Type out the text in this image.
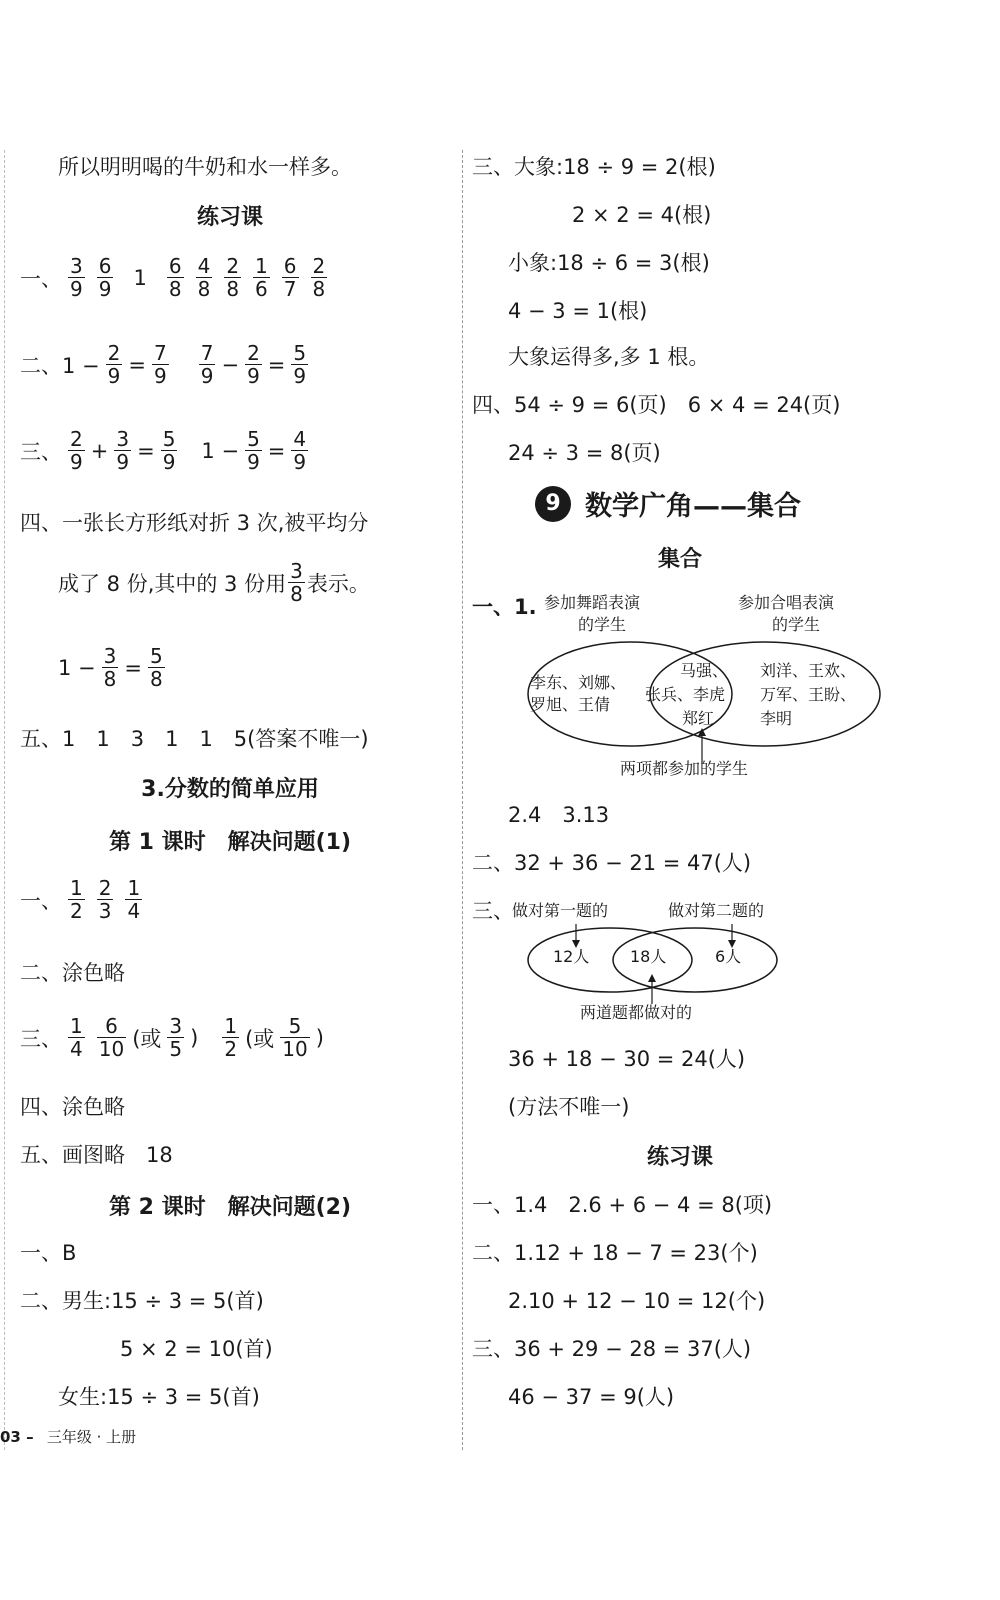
所以明明喝的牛奶和水一样多。
练习课
一、 $\frac{3}{9} \frac{6}{9} 1 \frac{6}{8} \frac{4}{8} \frac{2}{8} \frac{1}{6} \frac{6}{7} \frac{2}{8}$
二、$1 - \frac{2}{9} = \frac{7}{9} \frac{7}{9} - \frac{2}{9} = \frac{5}{9}$
三、 $\frac{2}{9} + \frac{3}{9} = \frac{5}{9} 1 - \frac{5}{9} = \frac{4}{9}$
四、一张长方形纸对折 3 次,被平均分
成了 8 份,其中的 3 份用 $\frac{3}{8}$ 表示。
$1 - \frac{3}{8} = \frac{5}{8}$
五、1　1　3　1　1　5(答案不唯一)
3.分数的简单应用
第 1 课时　解决问题(1)
一、 $\frac{1}{2} \frac{2}{3} \frac{1}{4}$
二、涂色略
三、 $\frac{1}{4} \frac{6}{10}$ (或 $\frac{3}{5}$ ) $\frac{1}{2}$ (或 $\frac{5}{10}$ )
四、涂色略
五、画图略　18
第 2 课时　解决问题(2)
一、B
二、男生:15 ÷ 3 = 5(首)
5 × 2 = 10(首)
女生:15 ÷ 3 = 5(首)
三、大象:18 ÷ 9 = 2(根)
2 × 2 = 4(根)
小象:18 ÷ 6 = 3(根)
4 − 3 = 1(根)
大象运得多,多 1 根。
四、54 ÷ 9 = 6(页)　6 × 4 = 24(页)
24 ÷ 3 = 8(页)
9 数学广角——集合
集合
一、1. 参加舞蹈表演
的学生
参加合唱表演
的学生
李东、刘娜、
罗旭、王倩
马强、
张兵、李虎
郑红
刘洋、王欢、
万军、王盼、
李明
两项都参加的学生
2.4　3.13
二、32 + 36 − 21 = 47(人)
三、
做对第一题的	做对第二题的
12人	18人	6人
两道题都做对的
36 + 18 − 30 = 24(人)
(方法不唯一)
练习课
一、1.4　2.6 + 6 − 4 = 8(项)
二、1.12 + 18 − 7 = 23(个)
2.10 + 12 − 10 = 12(个)
三、36 + 29 − 28 = 37(人)
46 − 37 = 9(人)
03 – 三年级 · 上册
